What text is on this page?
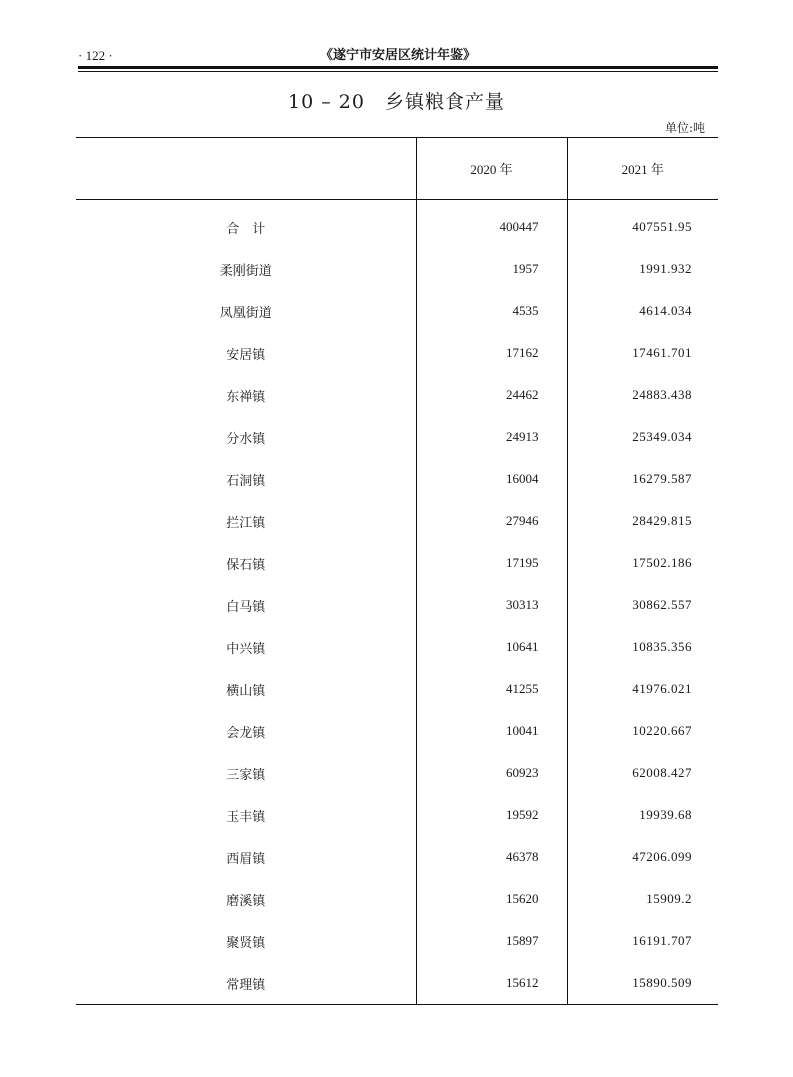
· 122 ·	《遂宁市安居区统计年鉴》
10 – 20　乡镇粮食产量
单位:吨
	2020 年	2021 年
合　计	400447	407551.95
柔刚街道	1957	1991.932
凤凰街道	4535	4614.034
安居镇	17162	17461.701
东禅镇	24462	24883.438
分水镇	24913	25349.034
石洞镇	16004	16279.587
拦江镇	27946	28429.815
保石镇	17195	17502.186
白马镇	30313	30862.557
中兴镇	10641	10835.356
横山镇	41255	41976.021
会龙镇	10041	10220.667
三家镇	60923	62008.427
玉丰镇	19592	19939.68
西眉镇	46378	47206.099
磨溪镇	15620	15909.2
聚贤镇	15897	16191.707
常理镇	15612	15890.509
